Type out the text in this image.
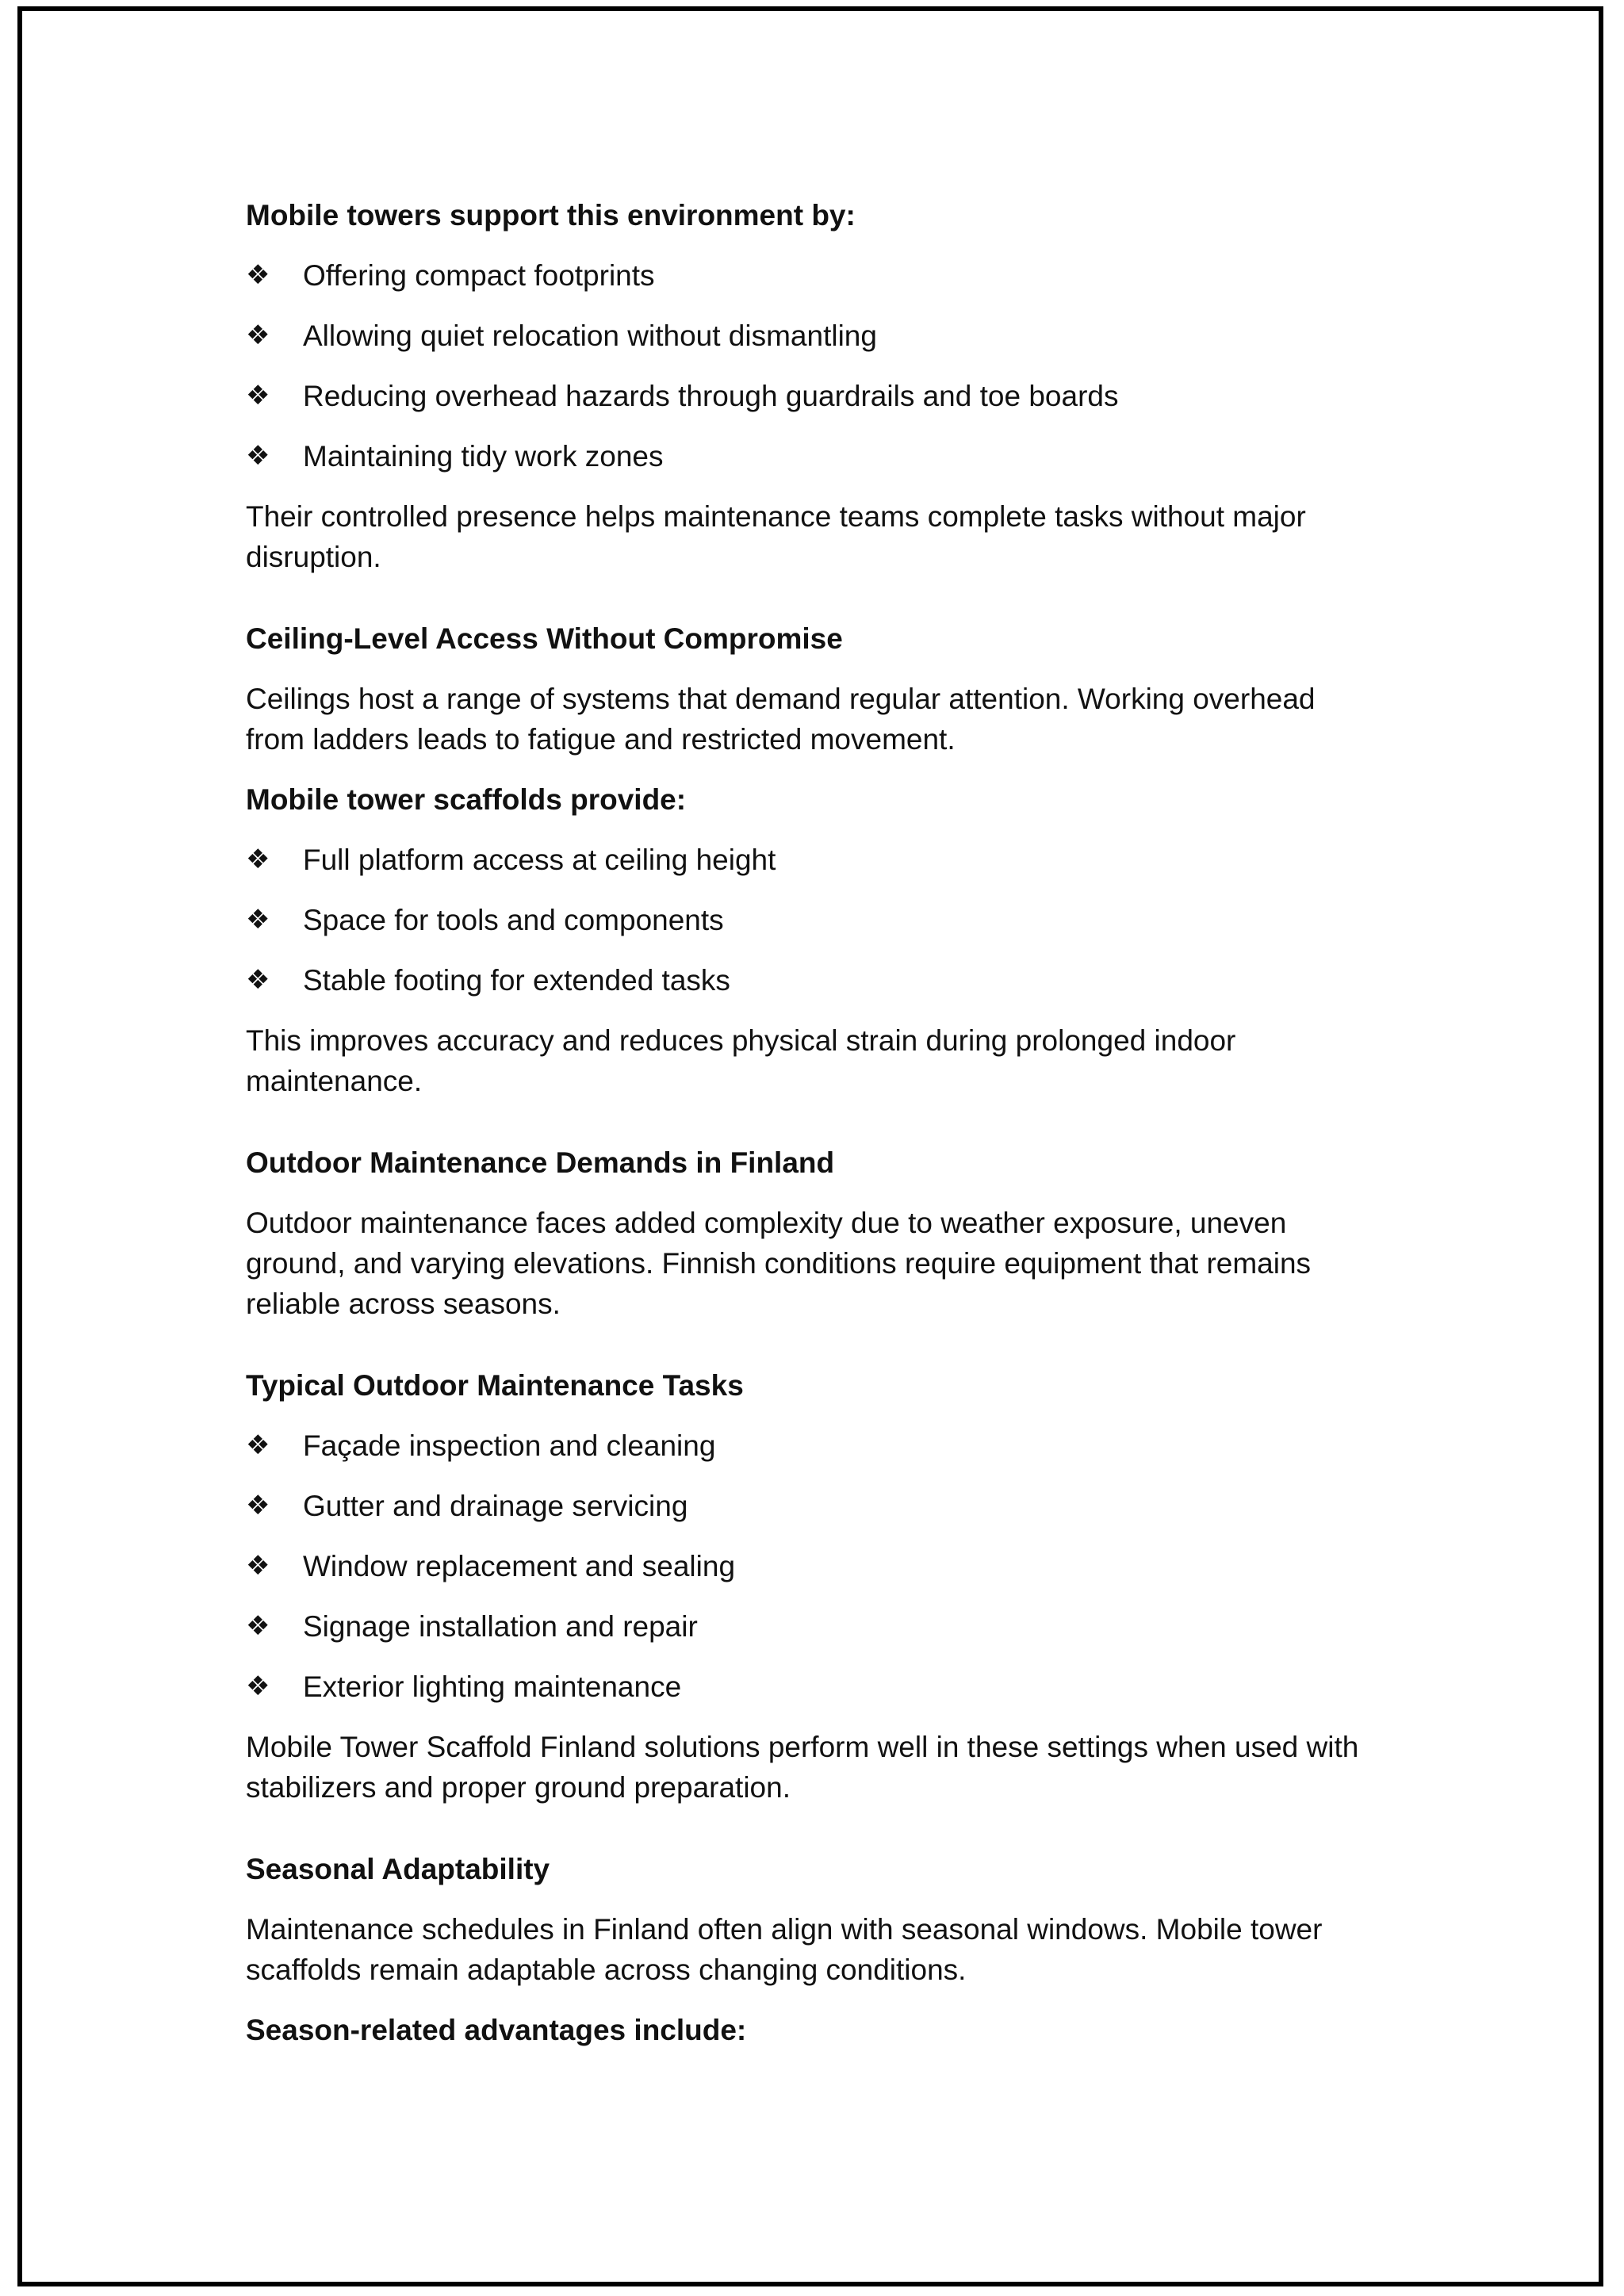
Mobile towers support this environment by:

❖ Offering compact footprints
❖ Allowing quiet relocation without dismantling
❖ Reducing overhead hazards through guardrails and toe boards
❖ Maintaining tidy work zones

Their controlled presence helps maintenance teams complete tasks without major disruption.

Ceiling-Level Access Without Compromise

Ceilings host a range of systems that demand regular attention. Working overhead from ladders leads to fatigue and restricted movement.

Mobile tower scaffolds provide:

❖ Full platform access at ceiling height
❖ Space for tools and components
❖ Stable footing for extended tasks

This improves accuracy and reduces physical strain during prolonged indoor maintenance.

Outdoor Maintenance Demands in Finland

Outdoor maintenance faces added complexity due to weather exposure, uneven ground, and varying elevations. Finnish conditions require equipment that remains reliable across seasons.

Typical Outdoor Maintenance Tasks

❖ Façade inspection and cleaning
❖ Gutter and drainage servicing
❖ Window replacement and sealing
❖ Signage installation and repair
❖ Exterior lighting maintenance

Mobile Tower Scaffold Finland solutions perform well in these settings when used with stabilizers and proper ground preparation.

Seasonal Adaptability

Maintenance schedules in Finland often align with seasonal windows. Mobile tower scaffolds remain adaptable across changing conditions.

Season-related advantages include:
